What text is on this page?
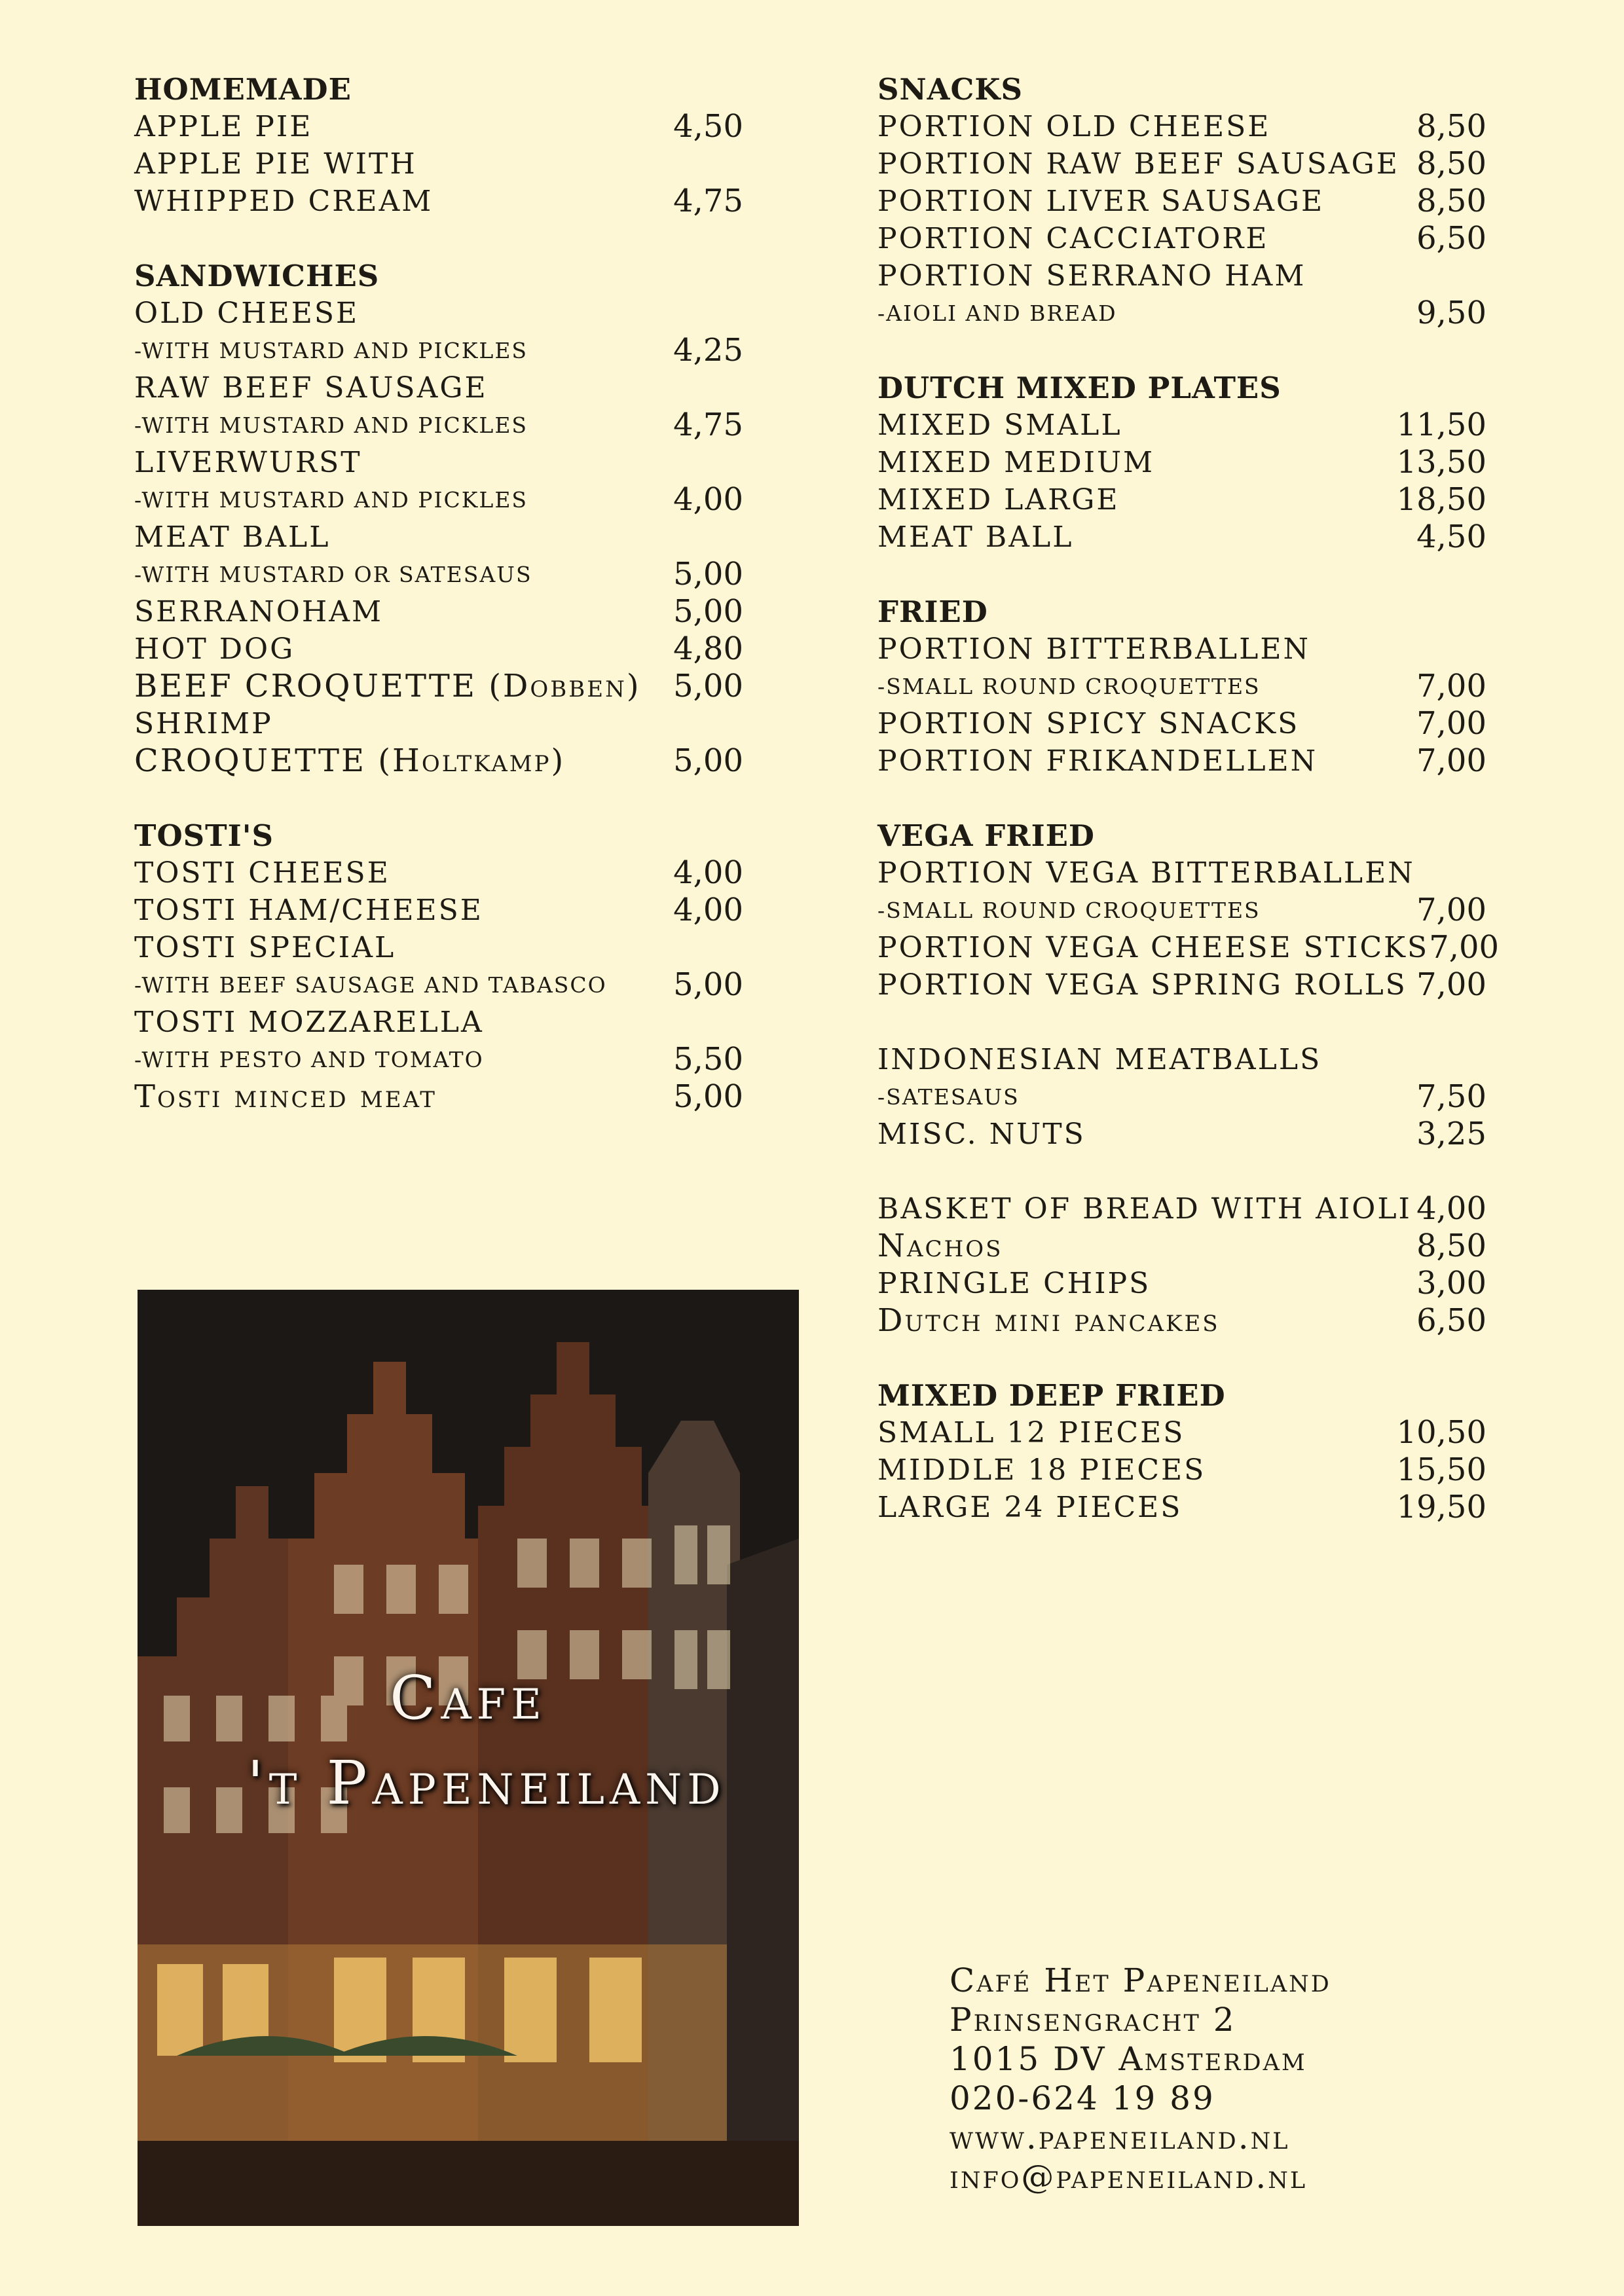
HOMEMADE
APPLE PIE	4,50
APPLE PIE WITH
WHIPPED CREAM	4,75
SANDWICHES
OLD CHEESE
-WITH MUSTARD AND PICKLES	4,25
RAW BEEF SAUSAGE
-WITH MUSTARD AND PICKLES	4,75
LIVERWURST
-WITH MUSTARD AND PICKLES	4,00
MEAT BALL
-WITH MUSTARD OR SATESAUS	5,00
SERRANOHAM	5,00
HOT DOG	4,80
BEEF CROQUETTE (Dobben)	5,00
SHRIMP
CROQUETTE (Holtkamp)	5,00
TOSTI'S
TOSTI CHEESE	4,00
TOSTI HAM/CHEESE	4,00
TOSTI SPECIAL
-WITH BEEF SAUSAGE AND TABASCO	5,00
TOSTI MOZZARELLA
-WITH PESTO AND TOMATO	5,50
Tosti minced meat	5,00
SNACKS
PORTION OLD CHEESE	8,50
PORTION RAW BEEF SAUSAGE 8,50
PORTION LIVER SAUSAGE	8,50
PORTION CACCIATORE	6,50
PORTION SERRANO HAM
-AIOLI AND BREAD	9,50
DUTCH MIXED PLATES
MIXED SMALL	11,50
MIXED MEDIUM	13,50
MIXED LARGE	18,50
MEAT BALL	4,50
FRIED
PORTION BITTERBALLEN
-SMALL ROUND CROQUETTES	7,00
PORTION SPICY SNACKS	7,00
PORTION FRIKANDELLEN	7,00
VEGA FRIED
PORTION VEGA BITTERBALLEN
-SMALL ROUND CROQUETTES	7,00
PORTION VEGA CHEESE STICKS 7,00
PORTION VEGA SPRING ROLLS 7,00
INDONESIAN MEATBALLS
-SATESAUS	7,50
MISC. NUTS	3,25
BASKET OF BREAD WITH AIOLI 4,00
Nachos	8,50
PRINGLE CHIPS	3,00
Dutch mini pancakes	6,50
MIXED DEEP FRIED
SMALL 12 PIECES	10,50
MIDDLE 18 PIECES	15,50
LARGE 24 PIECES	19,50
Cafe
't Papeneiland
Café Het Papeneiland
Prinsengracht 2
1015 DV Amsterdam
020-624 19 89
www.papeneiland.nl
info@papeneiland.nl
